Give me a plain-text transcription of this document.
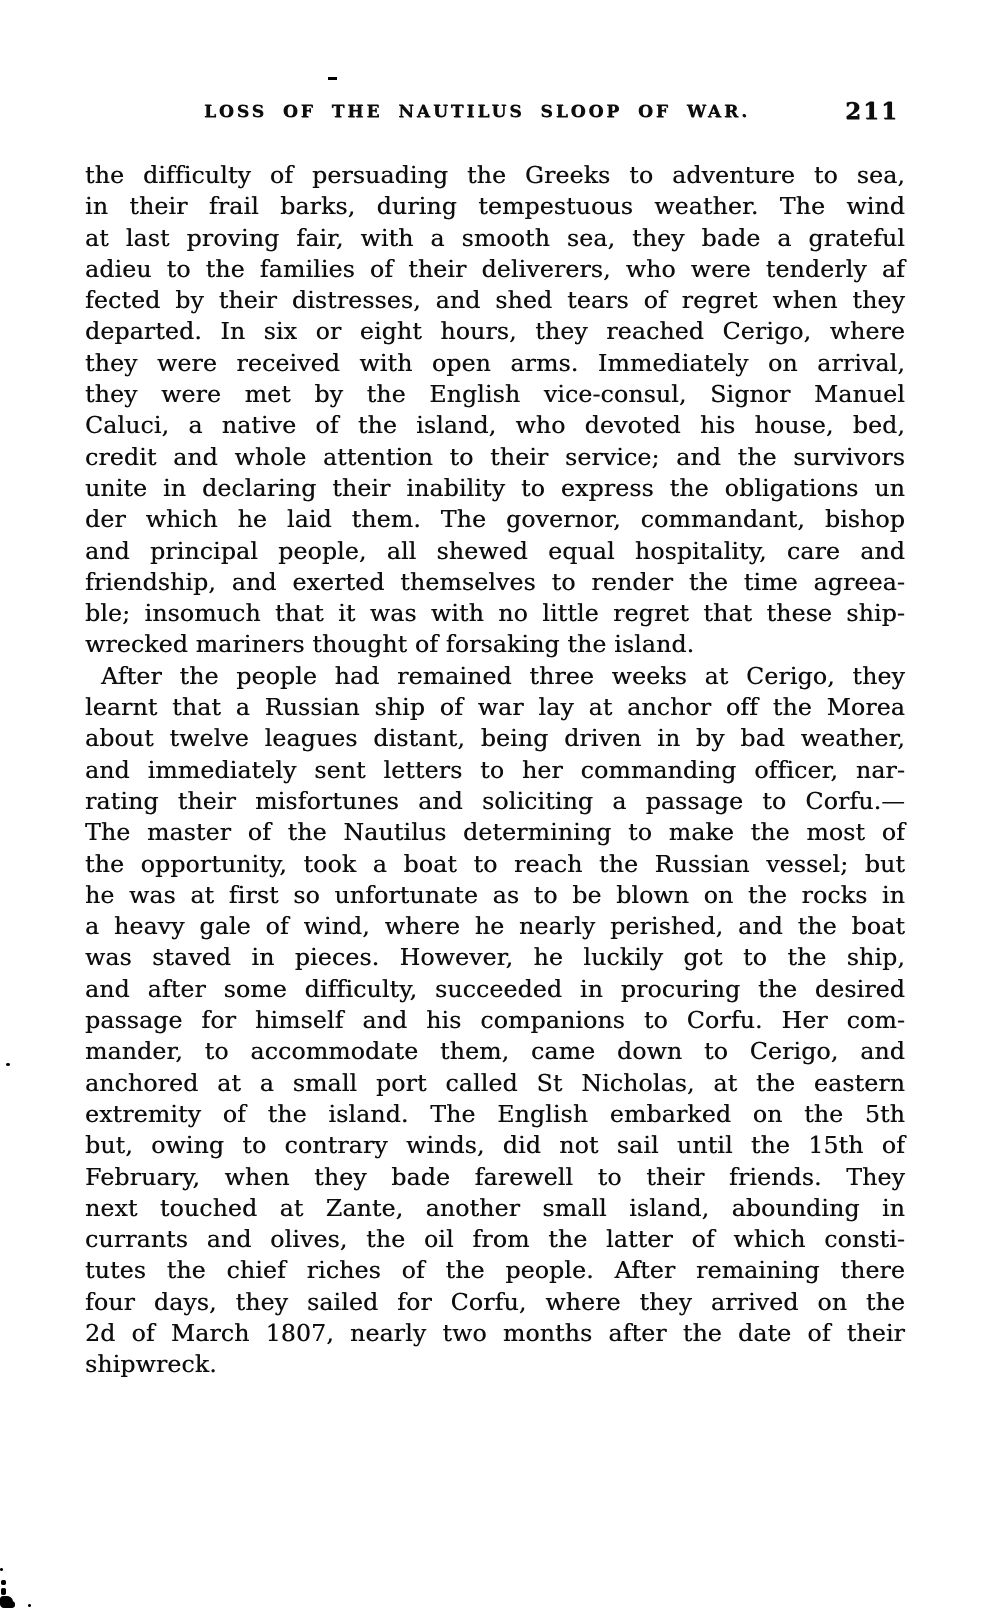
LOSS OF THE NAUTILUS SLOOP OF WAR.	211
the difficulty of persuading the Greeks to adventure to sea,
in their frail barks, during tempestuous weather. The wind
at last proving fair, with a smooth sea, they bade a grateful
adieu to the families of their deliverers, who were tenderly af
fected by their distresses, and shed tears of regret when they
departed. In six or eight hours, they reached Cerigo, where
they were received with open arms. Immediately on arrival,
they were met by the English vice-consul, Signor Manuel
Caluci, a native of the island, who devoted his house, bed,
credit and whole attention to their service; and the survivors
unite in declaring their inability to express the obligations un
der which he laid them. The governor, commandant, bishop
and principal people, all shewed equal hospitality, care and
friendship, and exerted themselves to render the time agreea-
ble; insomuch that it was with no little regret that these ship-
wrecked mariners thought of forsaking the island.
After the people had remained three weeks at Cerigo, they
learnt that a Russian ship of war lay at anchor off the Morea
about twelve leagues distant, being driven in by bad weather,
and immediately sent letters to her commanding officer, nar-
rating their misfortunes and soliciting a passage to Corfu.—
The master of the Nautilus determining to make the most of
the opportunity, took a boat to reach the Russian vessel; but
he was at first so unfortunate as to be blown on the rocks in
a heavy gale of wind, where he nearly perished, and the boat
was staved in pieces. However, he luckily got to the ship,
and after some difficulty, succeeded in procuring the desired
passage for himself and his companions to Corfu. Her com-
mander, to accommodate them, came down to Cerigo, and
anchored at a small port called St Nicholas, at the eastern
extremity of the island. The English embarked on the 5th
but, owing to contrary winds, did not sail until the 15th of
February, when they bade farewell to their friends. They
next touched at Zante, another small island, abounding in
currants and olives, the oil from the latter of which consti-
tutes the chief riches of the people. After remaining there
four days, they sailed for Corfu, where they arrived on the
2d of March 1807, nearly two months after the date of their
shipwreck.
